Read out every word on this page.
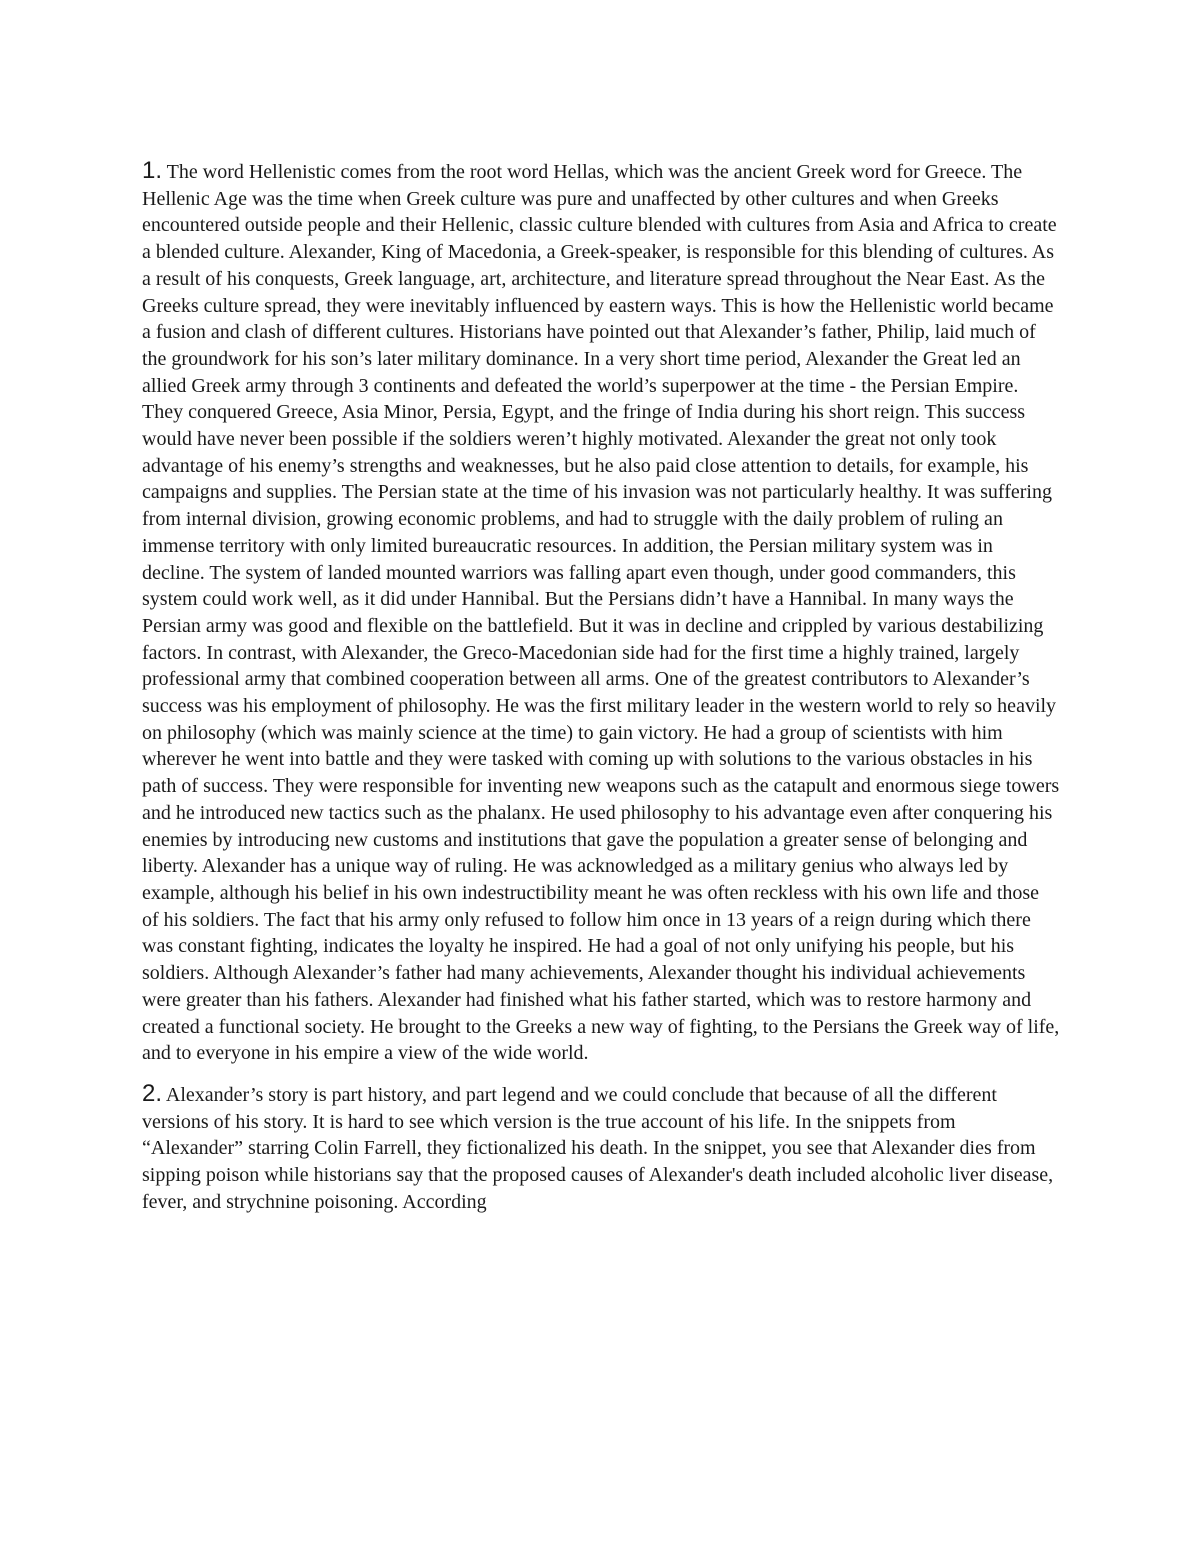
1. The word Hellenistic comes from the root word Hellas, which was the ancient Greek word for Greece. The Hellenic Age was the time when Greek culture was pure and unaffected by other cultures and when Greeks encountered outside people and their Hellenic, classic culture blended with cultures from Asia and Africa to create a blended culture. Alexander, King of Macedonia, a Greek-speaker, is responsible for this blending of cultures. As a result of his conquests, Greek language, art, architecture, and literature spread throughout the Near East. As the Greeks culture spread, they were inevitably influenced by eastern ways. This is how the Hellenistic world became a fusion and clash of different cultures. Historians have pointed out that Alexander’s father, Philip, laid much of the groundwork for his son’s later military dominance. In a very short time period, Alexander the Great led an allied Greek army through 3 continents and defeated the world’s superpower at the time - the Persian Empire. They conquered Greece, Asia Minor, Persia, Egypt, and the fringe of India during his short reign. This success would have never been possible if the soldiers weren’t highly motivated. Alexander the great not only took advantage of his enemy’s strengths and weaknesses, but he also paid close attention to details, for example, his campaigns and supplies. The Persian state at the time of his invasion was not particularly healthy. It was suffering from internal division, growing economic problems, and had to struggle with the daily problem of ruling an immense territory with only limited bureaucratic resources. In addition, the Persian military system was in decline. The system of landed mounted warriors was falling apart even though, under good commanders, this system could work well, as it did under Hannibal. But the Persians didn’t have a Hannibal. In many ways the Persian army was good and flexible on the battlefield. But it was in decline and crippled by various destabilizing factors. In contrast, with Alexander, the Greco-Macedonian side had for the first time a highly trained, largely professional army that combined cooperation between all arms. One of the greatest contributors to Alexander’s success was his employment of philosophy. He was the first military leader in the western world to rely so heavily on philosophy (which was mainly science at the time) to gain victory. He had a group of scientists with him wherever he went into battle and they were tasked with coming up with solutions to the various obstacles in his path of success. They were responsible for inventing new weapons such as the catapult and enormous siege towers and he introduced new tactics such as the phalanx. He used philosophy to his advantage even after conquering his enemies by introducing new customs and institutions that gave the population a greater sense of belonging and liberty. Alexander has a unique way of ruling. He was acknowledged as a military genius who always led by example, although his belief in his own indestructibility meant he was often reckless with his own life and those of his soldiers. The fact that his army only refused to follow him once in 13 years of a reign during which there was constant fighting, indicates the loyalty he inspired. He had a goal of not only unifying his people, but his soldiers. Although Alexander’s father had many achievements, Alexander thought his individual achievements were greater than his fathers. Alexander had finished what his father started, which was to restore harmony and created a functional society. He brought to the Greeks a new way of fighting, to the Persians the Greek way of life, and to everyone in his empire a view of the wide world.

2. Alexander’s story is part history, and part legend and we could conclude that because of all the different versions of his story. It is hard to see which version is the true account of his life. In the snippets from “Alexander” starring Colin Farrell, they fictionalized his death. In the snippet, you see that Alexander dies from sipping poison while historians say that the proposed causes of Alexander's death included alcoholic liver disease, fever, and strychnine poisoning. According
